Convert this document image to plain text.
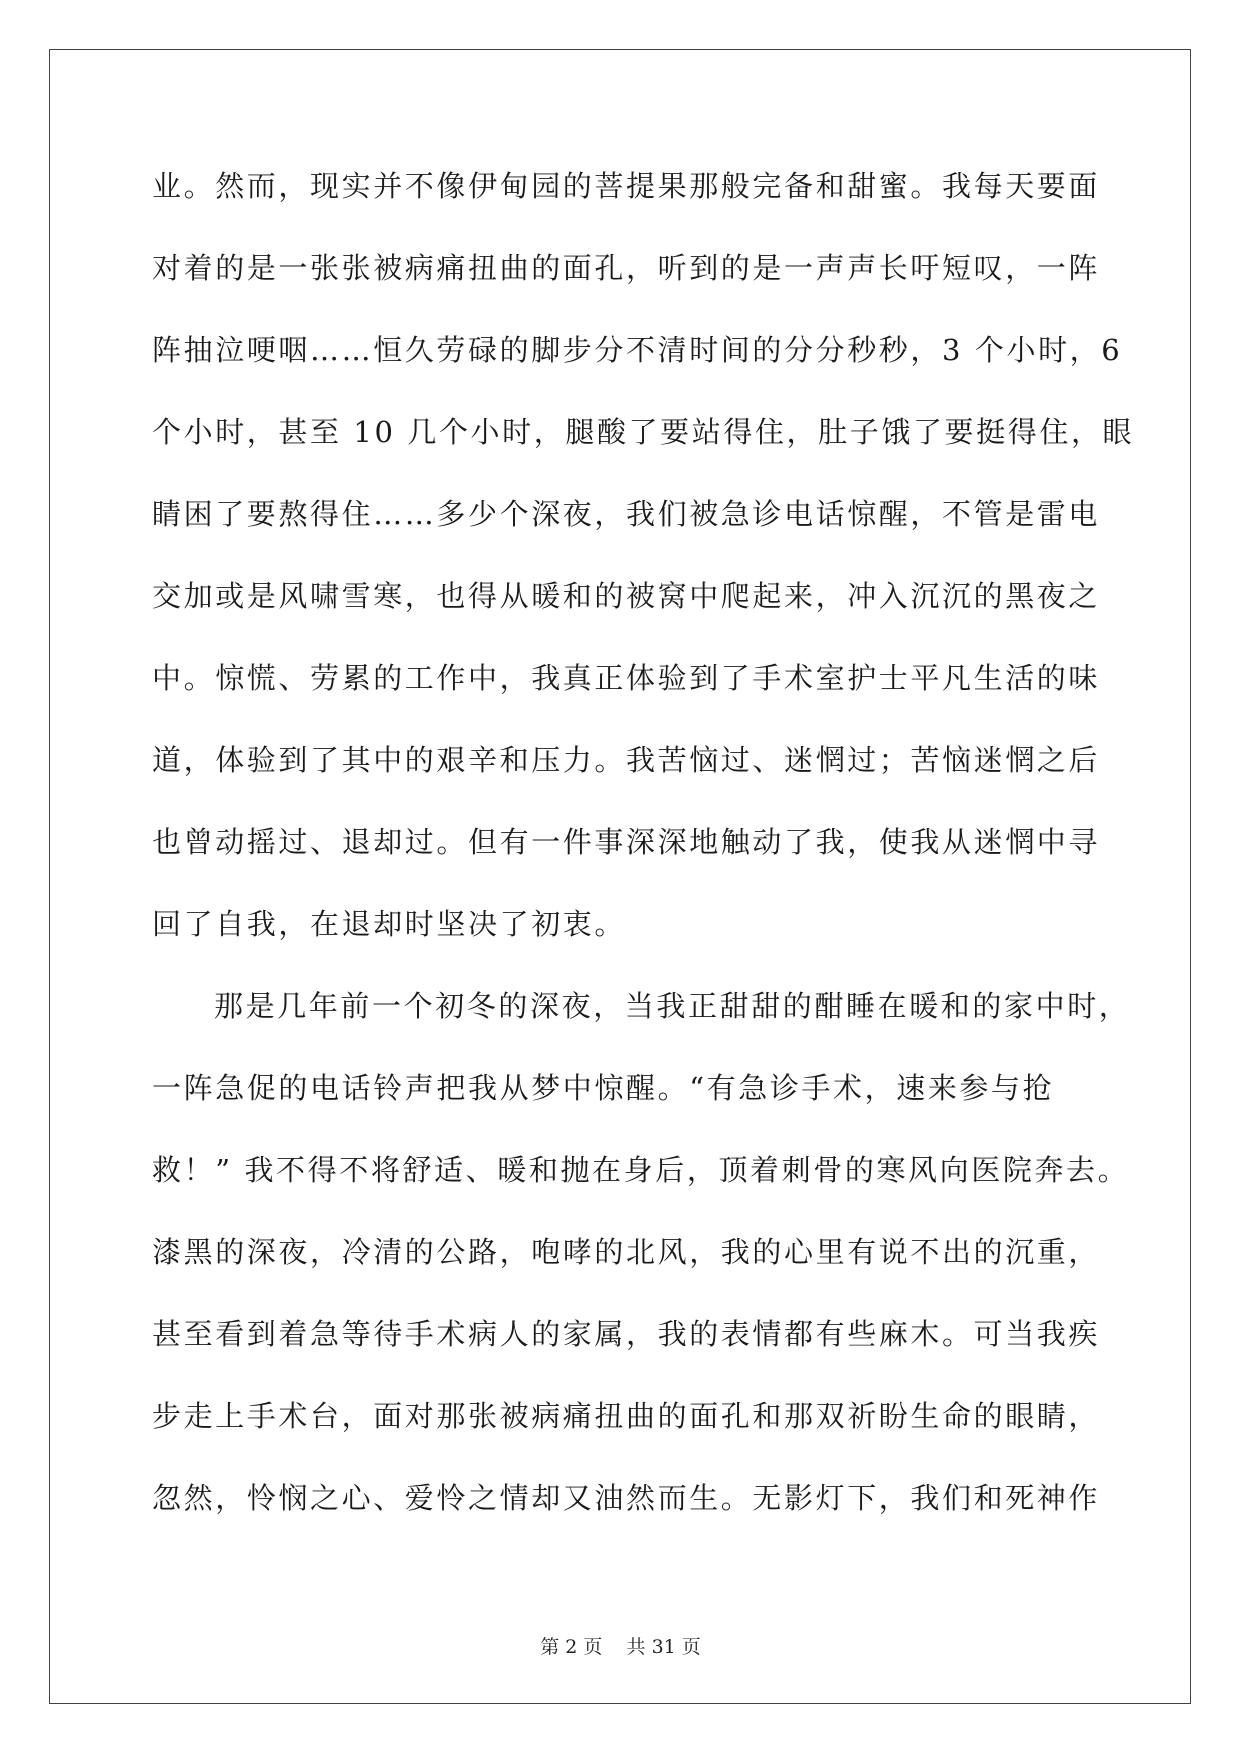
业。然而，现实并不像伊甸园的菩提果那般完备和甜蜜。我每天要面
对着的是一张张被病痛扭曲的面孔，听到的是一声声长吁短叹，一阵
阵抽泣哽咽……恒久劳碌的脚步分不清时间的分分秒秒，3 个小时，6
个小时，甚至 10 几个小时，腿酸了要站得住，肚子饿了要挺得住，眼
睛困了要熬得住……多少个深夜，我们被急诊电话惊醒，不管是雷电
交加或是风啸雪寒，也得从暖和的被窝中爬起来，冲入沉沉的黑夜之
中。惊慌、劳累的工作中，我真正体验到了手术室护士平凡生活的味
道，体验到了其中的艰辛和压力。我苦恼过、迷惘过；苦恼迷惘之后
也曾动摇过、退却过。但有一件事深深地触动了我，使我从迷惘中寻
回了自我，在退却时坚决了初衷。
那是几年前一个初冬的深夜，当我正甜甜的酣睡在暖和的家中时，
一阵急促的电话铃声把我从梦中惊醒。“有急诊手术，速来参与抢
救！” 我不得不将舒适、暖和抛在身后，顶着刺骨的寒风向医院奔去。
漆黑的深夜，冷清的公路，咆哮的北风，我的心里有说不出的沉重，
甚至看到着急等待手术病人的家属，我的表情都有些麻木。可当我疾
步走上手术台，面对那张被病痛扭曲的面孔和那双祈盼生命的眼睛，
忽然，怜悯之心、爱怜之情却又油然而生。无影灯下，我们和死神作
第 2 页    共 31 页
